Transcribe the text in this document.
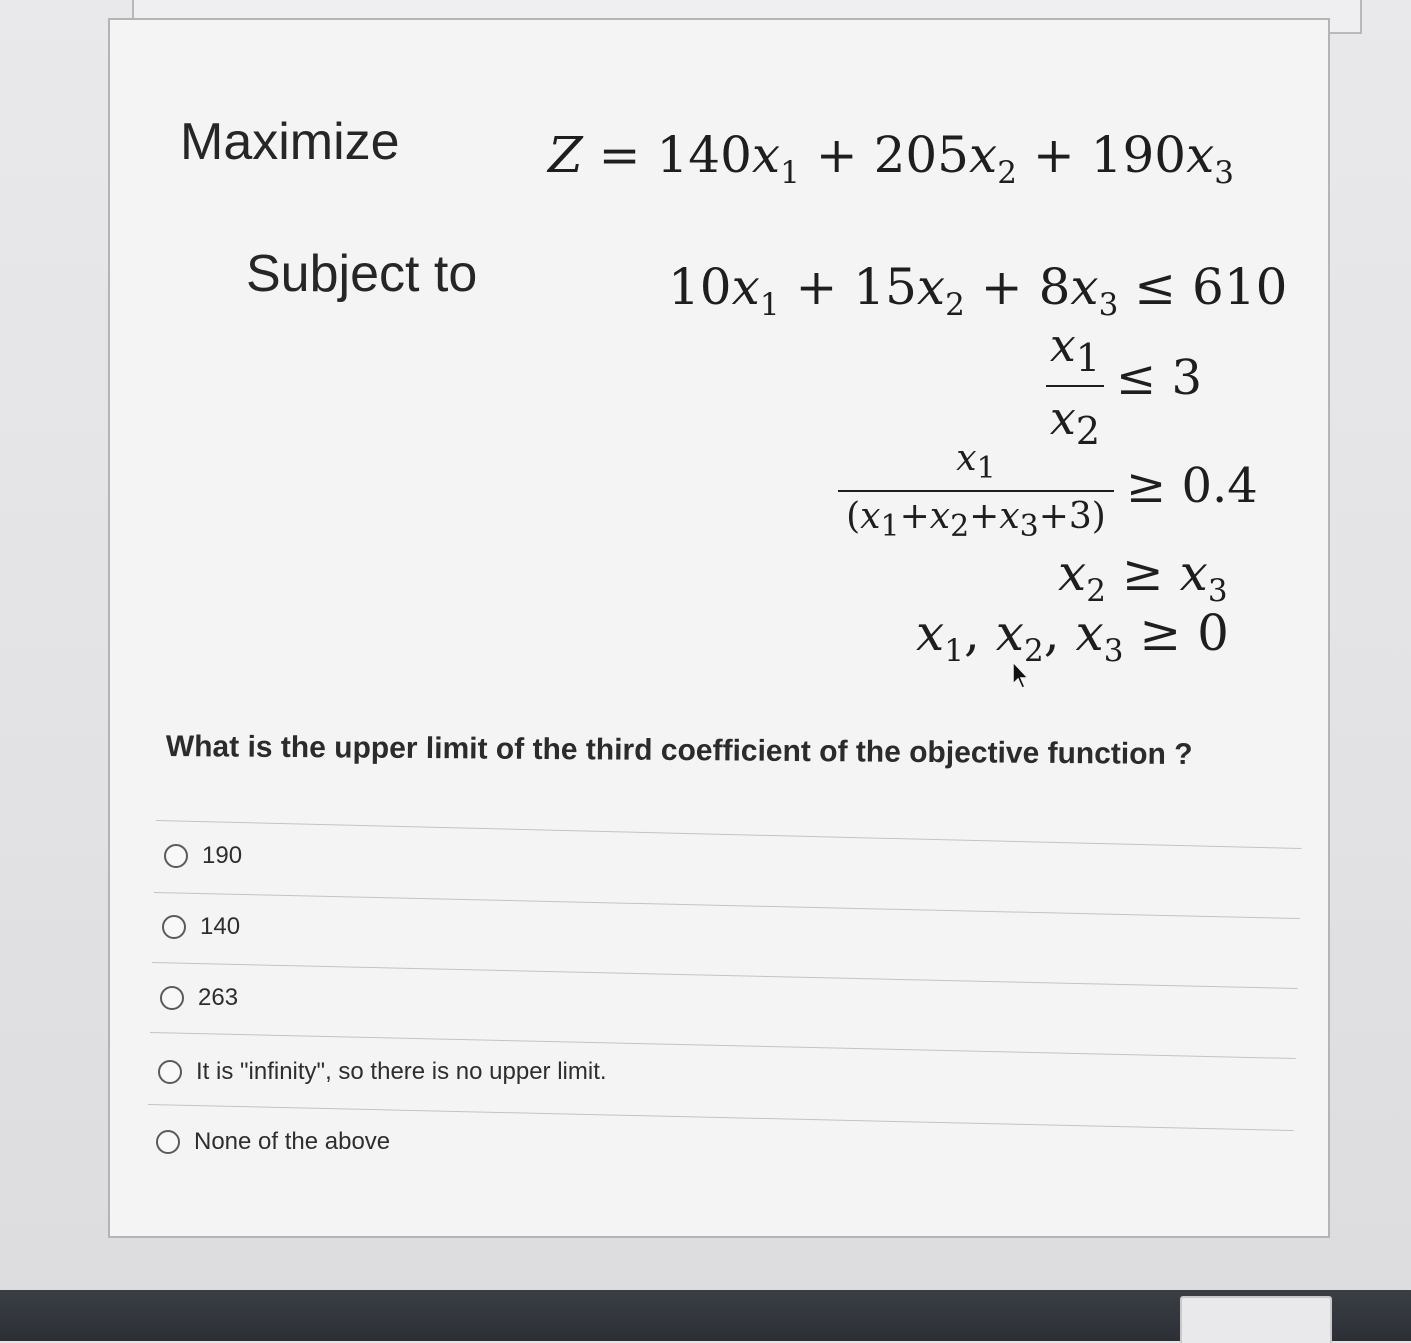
Maximize	$Z = 140x_1 + 205x_2 + 190x_3$
Subject to	$10x_1 + 15x_2 + 8x_3 \le 610$
$x_1$
$x_2$
≤ 3
$x_1$
$(x_1+x_2+x_3+3)$
≥ 0.4
$x_2 \ge x_3$
$x_1$, $x_2$, $x_3 \ge 0$
What is the upper limit of the third coefficient of the objective function ?
190
140
263
It is "infinity", so there is no upper limit.
None of the above
